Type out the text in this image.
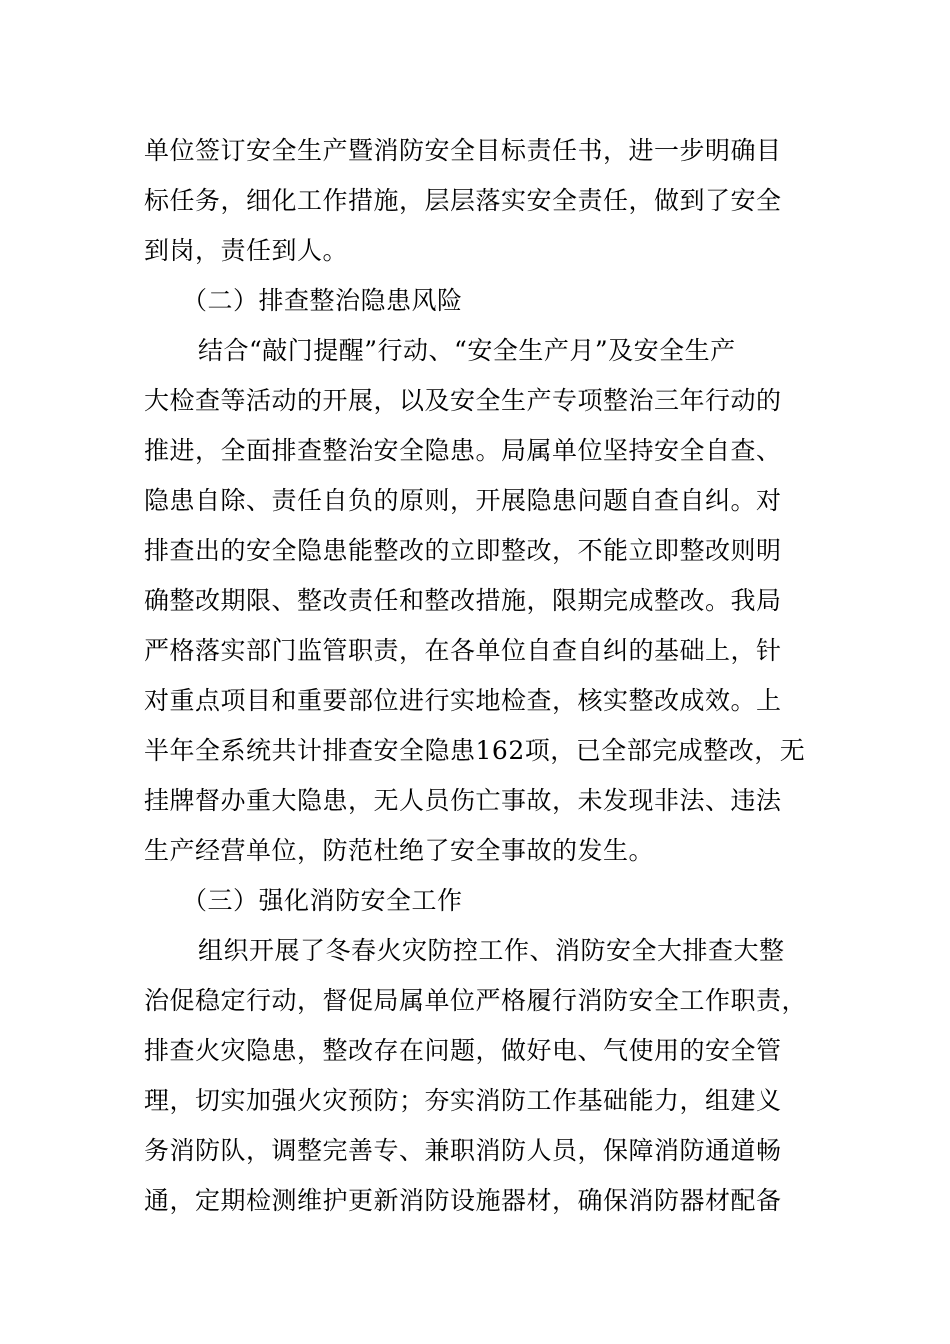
单位签订安全生产暨消防安全目标责任书，进一步明确目
标任务，细化工作措施，层层落实安全责任，做到了安全
到岗，责任到人。
（二）排查整治隐患风险
结合“敲门提醒”行动、“安全生产月”及安全生产
大检查等活动的开展，以及安全生产专项整治三年行动的
推进，全面排查整治安全隐患。局属单位坚持安全自查、
隐患自除、责任自负的原则，开展隐患问题自查自纠。对
排查出的安全隐患能整改的立即整改，不能立即整改则明
确整改期限、整改责任和整改措施，限期完成整改。我局
严格落实部门监管职责，在各单位自查自纠的基础上，针
对重点项目和重要部位进行实地检查，核实整改成效。上
半年全系统共计排查安全隐患162项，已全部完成整改，无
挂牌督办重大隐患，无人员伤亡事故，未发现非法、违法
生产经营单位，防范杜绝了安全事故的发生。
（三）强化消防安全工作
组织开展了冬春火灾防控工作、消防安全大排查大整
治促稳定行动，督促局属单位严格履行消防安全工作职责，
排查火灾隐患，整改存在问题，做好电、气使用的安全管
理，切实加强火灾预防；夯实消防工作基础能力，组建义
务消防队，调整完善专、兼职消防人员，保障消防通道畅
通，定期检测维护更新消防设施器材，确保消防器材配备
